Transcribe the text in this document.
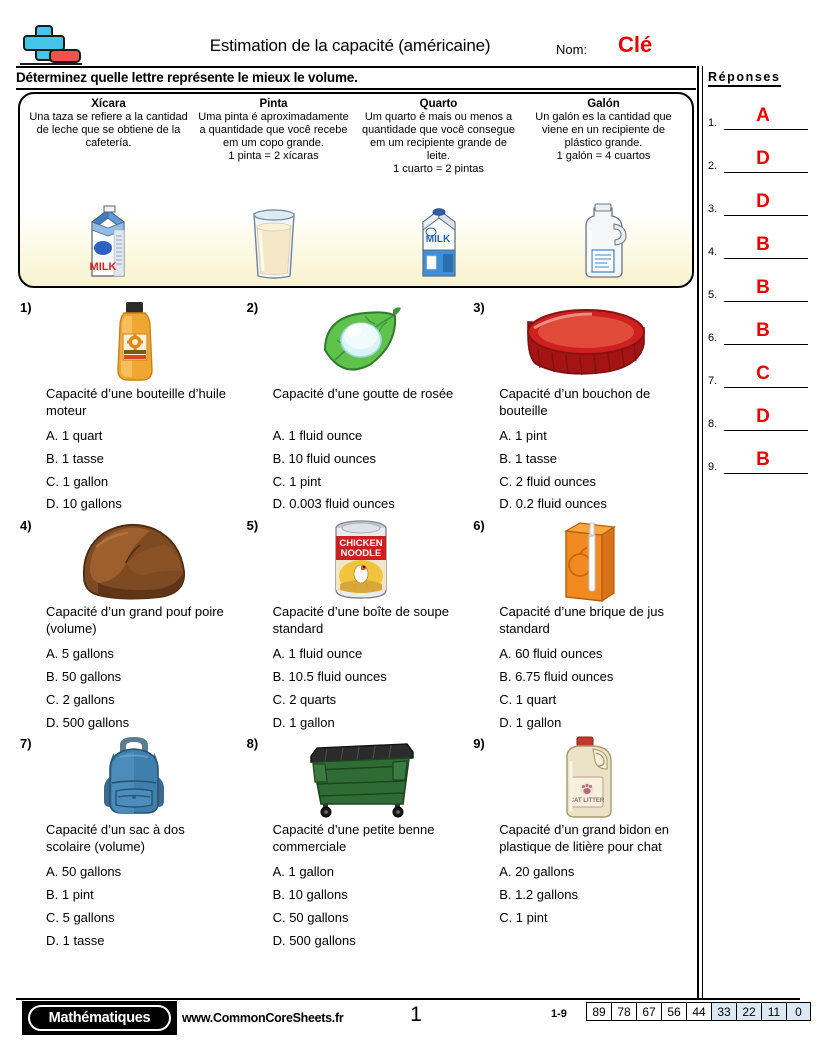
Estimation de la capacité (américaine)	Nom: Clé
Déterminez quelle lettre représente le mieux le volume.
Xícara
Una taza se refiere a la cantidad de leche que se obtiene de la cafetería.
MILK
Pinta
Uma pinta é aproximadamente a quantidade que você recebe em um copo grande.
1 pinta = 2 xícaras
Quarto
Um quarto é mais ou menos a quantidade que você consegue em um recipiente grande de leite.
1 cuarto = 2 pintas
MILK
Galón
Un galón es la cantidad que viene en un recipiente de plástico grande.
1 galón = 4 cuartos
1)
Capacité d’une bouteille d’huile moteur
A. 1 quart
B. 1 tasse
C. 1 gallon
D. 10 gallons
2)
Capacité d’une goutte de rosée
A. 1 fluid ounce
B. 10 fluid ounces
C. 1 pint
D. 0.003 fluid ounces
3)
Capacité d’un bouchon de bouteille
A. 1 pint
B. 1 tasse
C. 2 fluid ounces
D. 0.2 fluid ounces
4)
Capacité d’un grand pouf poire (volume)
A. 5 gallons
B. 50 gallons
C. 2 gallons
D. 500 gallons
5)
CHICKEN
NOODLE
Capacité d’une boîte de soupe standard
A. 1 fluid ounce
B. 10.5 fluid ounces
C. 2 quarts
D. 1 gallon
6)
Capacité d’une brique de jus standard
A. 60 fluid ounces
B. 6.75 fluid ounces
C. 1 quart
D. 1 gallon
7)
Capacité d’un sac à dos scolaire (volume)
A. 50 gallons
B. 1 pint
C. 5 gallons
D. 1 tasse
8)
Capacité d’une petite benne commerciale
A. 1 gallon
B. 10 gallons
C. 50 gallons
D. 500 gallons
9)
CAT LITTER
Capacité d’un grand bidon en plastique de litière pour chat
A. 20 gallons
B. 1.2 gallons
C. 1 pint
Réponses
1.	A
2.	D
3.	D
4.	B
5.	B
6.	B
7.	C
8.	D
9.	B
Mathématiques	www.CommonCoreSheets.fr	1	1-9	89 78 67 56 44 33 22	11	0
